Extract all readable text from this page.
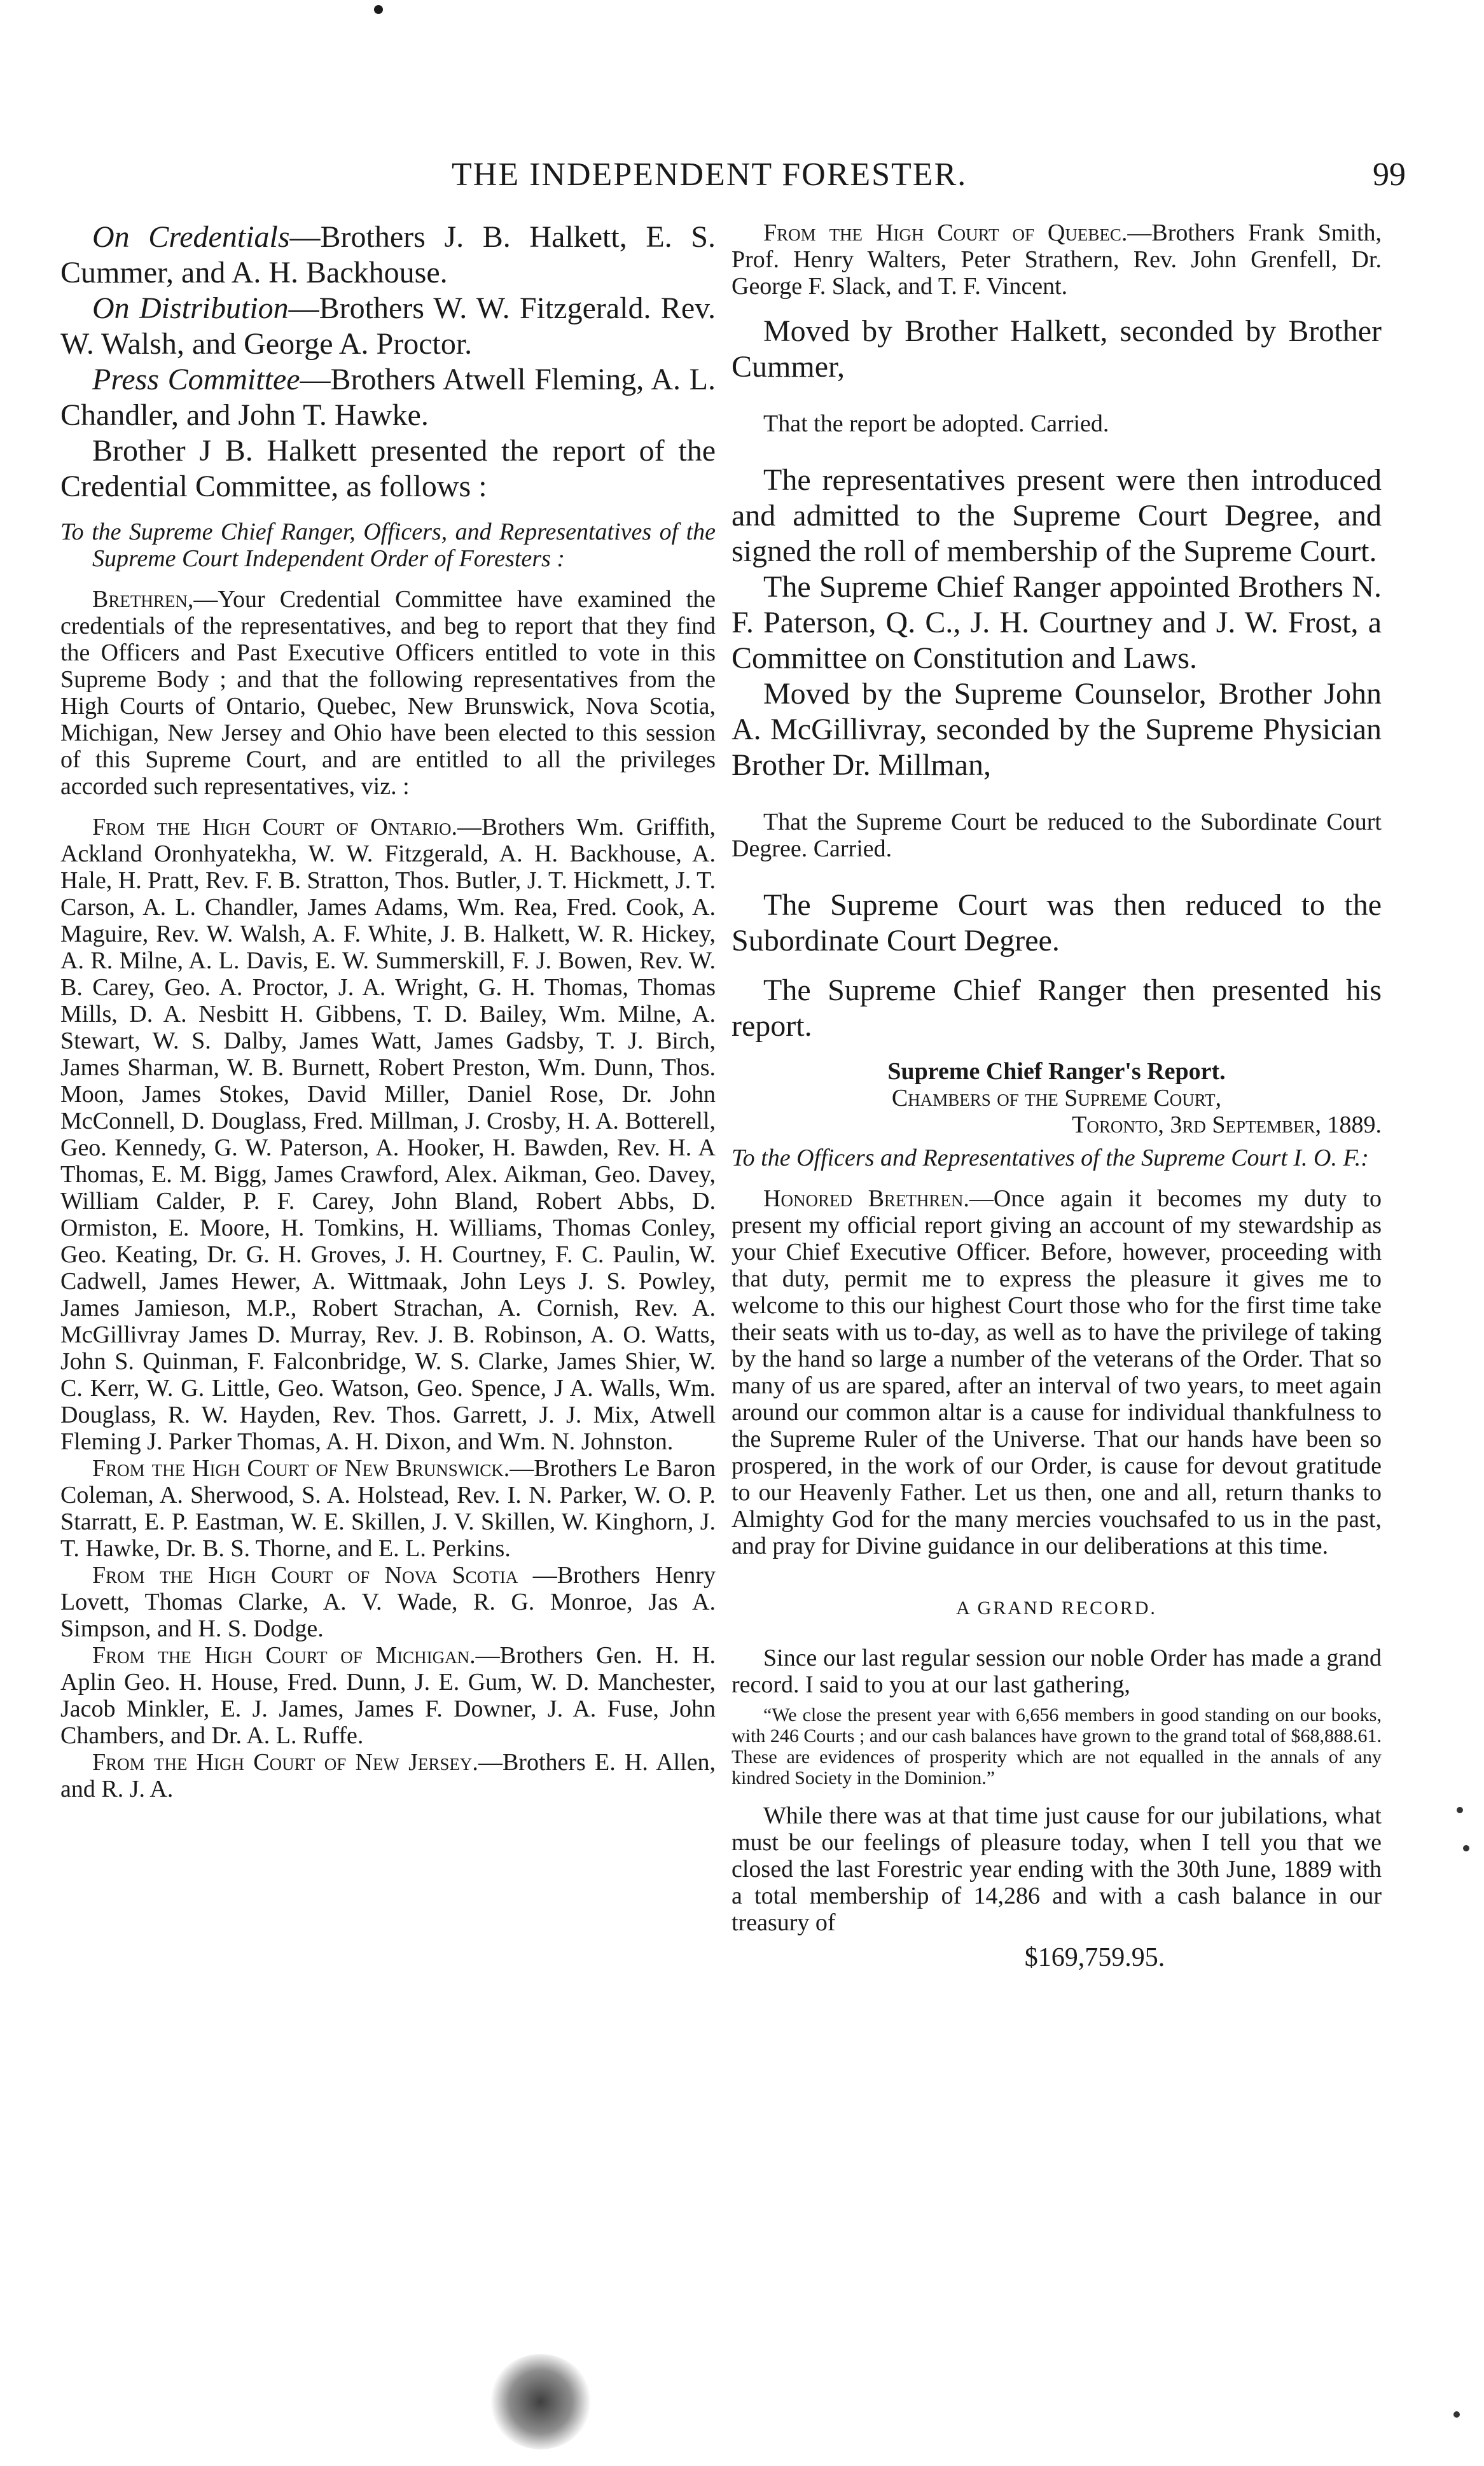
THE INDEPENDENT FORESTER.	99

On Credentials—Brothers J. B. Halkett, E. S. Cummer, and A. H. Backhouse.

On Distribution—Brothers W. W. Fitzgerald. Rev. W. Walsh, and George A. Proctor.

Press Committee—Brothers Atwell Fleming, A. L. Chandler, and John T. Hawke.

Brother J B. Halkett presented the report of the Credential Committee, as follows :

To the Supreme Chief Ranger, Officers, and Representatives of the Supreme Court Independent Order of Foresters :

Brethren,—Your Credential Committee have examined the credentials of the representatives, and beg to report that they find the Officers and Past Executive Officers entitled to vote in this Supreme Body ; and that the following representatives from the High Courts of Ontario, Quebec, New Brunswick, Nova Scotia, Michigan, New Jersey and Ohio have been elected to this session of this Supreme Court, and are entitled to all the privileges accorded such representatives, viz. :

From the High Court of Ontario.—Brothers Wm. Griffith, Ackland Oronhyatekha, W. W. Fitzgerald, A. H. Backhouse, A. Hale, H. Pratt, Rev. F. B. Stratton, Thos. Butler, J. T. Hickmett, J. T. Carson, A. L. Chandler, James Adams, Wm. Rea, Fred. Cook, A. Maguire, Rev. W. Walsh, A. F. White, J. B. Halkett, W. R. Hickey, A. R. Milne, A. L. Davis, E. W. Summerskill, F. J. Bowen, Rev. W. B. Carey, Geo. A. Proctor, J. A. Wright, G. H. Thomas, Thomas Mills, D. A. Nesbitt H. Gibbens, T. D. Bailey, Wm. Milne, A. Stewart, W. S. Dalby, James Watt, James Gadsby, T. J. Birch, James Sharman, W. B. Burnett, Robert Preston, Wm. Dunn, Thos. Moon, James Stokes, David Miller, Daniel Rose, Dr. John McConnell, D. Douglass, Fred. Millman, J. Crosby, H. A. Botterell, Geo. Kennedy, G. W. Paterson, A. Hooker, H. Bawden, Rev. H. A Thomas, E. M. Bigg, James Crawford, Alex. Aikman, Geo. Davey, William Calder, P. F. Carey, John Bland, Robert Abbs, D. Ormiston, E. Moore, H. Tomkins, H. Williams, Thomas Conley, Geo. Keating, Dr. G. H. Groves, J. H. Courtney, F. C. Paulin, W. Cadwell, James Hewer, A. Wittmaak, John Leys J. S. Powley, James Jamieson, M.P., Robert Strachan, A. Cornish, Rev. A. McGillivray James D. Murray, Rev. J. B. Robinson, A. O. Watts, John S. Quinman, F. Falconbridge, W. S. Clarke, James Shier, W. C. Kerr, W. G. Little, Geo. Watson, Geo. Spence, J A. Walls, Wm. Douglass, R. W. Hayden, Rev. Thos. Garrett, J. J. Mix, Atwell Fleming J. Parker Thomas, A. H. Dixon, and Wm. N. Johnston.

From the High Court of New Brunswick.—Brothers Le Baron Coleman, A. Sherwood, S. A. Holstead, Rev. I. N. Parker, W. O. P. Starratt, E. P. Eastman, W. E. Skillen, J. V. Skillen, W. Kinghorn, J. T. Hawke, Dr. B. S. Thorne, and E. L. Perkins.

From the High Court of Nova Scotia —Brothers Henry Lovett, Thomas Clarke, A. V. Wade, R. G. Monroe, Jas A. Simpson, and H. S. Dodge.

From the High Court of Michigan.—Brothers Gen. H. H. Aplin Geo. H. House, Fred. Dunn, J. E. Gum, W. D. Manchester, Jacob Minkler, E. J. James, James F. Downer, J. A. Fuse, John Chambers, and Dr. A. L. Ruffe.

From the High Court of New Jersey.—Brothers E. H. Allen, and R. J. A.

From the High Court of Quebec.—Brothers Frank Smith, Prof. Henry Walters, Peter Strathern, Rev. John Grenfell, Dr. George F. Slack, and T. F. Vincent.

Moved by Brother Halkett, seconded by Brother Cummer,

That the report be adopted. Carried.

The representatives present were then introduced and admitted to the Supreme Court Degree, and signed the roll of membership of the Supreme Court.

The Supreme Chief Ranger appointed Brothers N. F. Paterson, Q. C., J. H. Courtney and J. W. Frost, a Committee on Constitution and Laws.

Moved by the Supreme Counselor, Brother John A. McGillivray, seconded by the Supreme Physician Brother Dr. Millman,

That the Supreme Court be reduced to the Subordinate Court Degree. Carried.

The Supreme Court was then reduced to the Subordinate Court Degree.

The Supreme Chief Ranger then presented his report.

Supreme Chief Ranger's Report.

Chambers of the Supreme Court,

Toronto, 3rd September, 1889.

To the Officers and Representatives of the Supreme Court I. O. F.:

Honored Brethren.—Once again it becomes my duty to present my official report giving an account of my stewardship as your Chief Executive Officer. Before, however, proceeding with that duty, permit me to express the pleasure it gives me to welcome to this our highest Court those who for the first time take their seats with us to-day, as well as to have the privilege of taking by the hand so large a number of the veterans of the Order. That so many of us are spared, after an interval of two years, to meet again around our common altar is a cause for individual thankfulness to the Supreme Ruler of the Universe. That our hands have been so prospered, in the work of our Order, is cause for devout gratitude to our Heavenly Father. Let us then, one and all, return thanks to Almighty God for the many mercies vouchsafed to us in the past, and pray for Divine guidance in our deliberations at this time.

A GRAND RECORD.

Since our last regular session our noble Order has made a grand record. I said to you at our last gathering,

“We close the present year with 6,656 members in good standing on our books, with 246 Courts ; and our cash balances have grown to the grand total of $68,888.61. These are evidences of prosperity which are not equalled in the annals of any kindred Society in the Dominion.”

While there was at that time just cause for our jubilations, what must be our feelings of pleasure today, when I tell you that we closed the last Forestric year ending with the 30th June, 1889 with a total membership of 14,286 and with a cash balance in our treasury of

$169,759.95.
